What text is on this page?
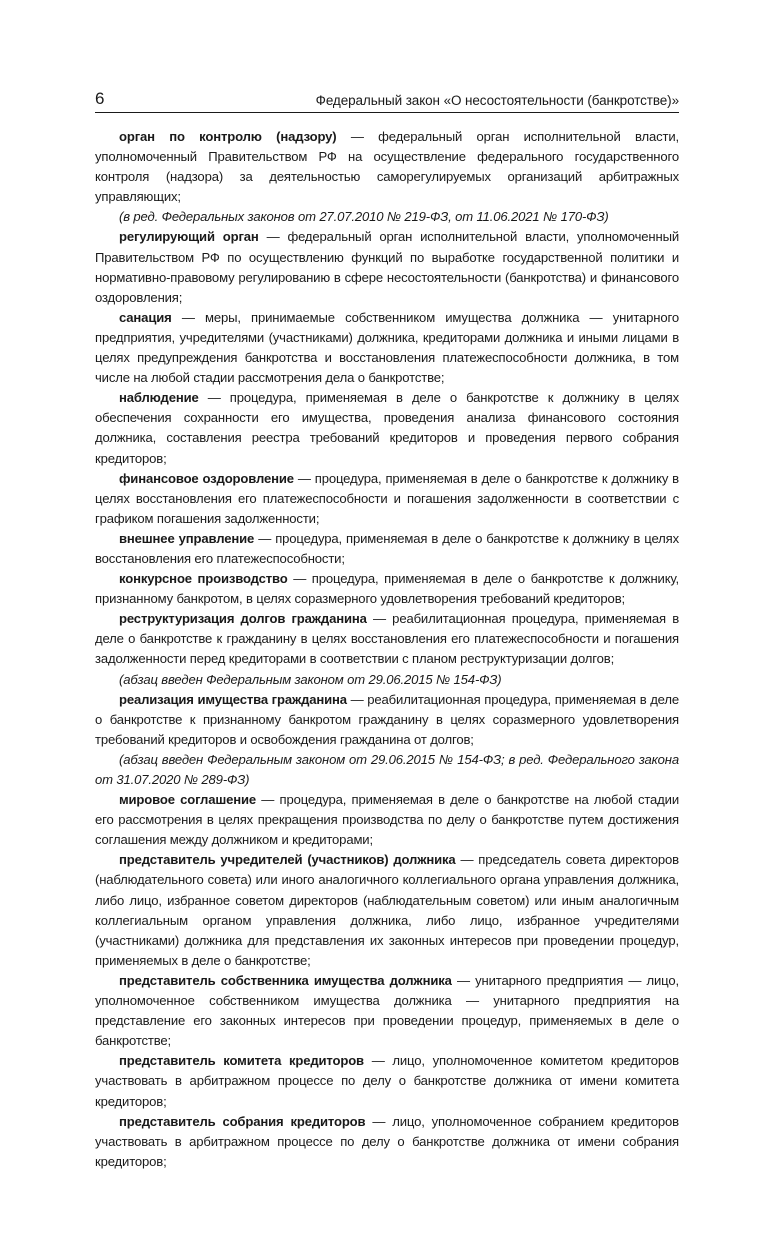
6	Федеральный закон «О несостоятельности (банкротстве)»

орган по контролю (надзору) — федеральный орган исполнительной власти, уполномоченный Правительством РФ на осуществление федерального государственного контроля (надзора) за деятельностью саморегулируемых организаций арбитражных управляющих;

(в ред. Федеральных законов от 27.07.2010 № 219-ФЗ, от 11.06.2021 № 170-ФЗ)

регулирующий орган — федеральный орган исполнительной власти, уполномоченный Правительством РФ по осуществлению функций по выработке государственной политики и нормативно-правовому регулированию в сфере несостоятельности (банкротства) и финансового оздоровления;

санация — меры, принимаемые собственником имущества должника — унитарного предприятия, учредителями (участниками) должника, кредиторами должника и иными лицами в целях предупреждения банкротства и восстановления платежеспособности должника, в том числе на любой стадии рассмотрения дела о банкротстве;

наблюдение — процедура, применяемая в деле о банкротстве к должнику в целях обеспечения сохранности его имущества, проведения анализа финансового состояния должника, составления реестра требований кредиторов и проведения первого собрания кредиторов;

финансовое оздоровление — процедура, применяемая в деле о банкротстве к должнику в целях восстановления его платежеспособности и погашения задолженности в соответствии с графиком погашения задолженности;

внешнее управление — процедура, применяемая в деле о банкротстве к должнику в целях восстановления его платежеспособности;

конкурсное производство — процедура, применяемая в деле о банкротстве к должнику, признанному банкротом, в целях соразмерного удовлетворения требований кредиторов;

реструктуризация долгов гражданина — реабилитационная процедура, применяемая в деле о банкротстве к гражданину в целях восстановления его платежеспособности и погашения задолженности перед кредиторами в соответствии с планом реструктуризации долгов;

(абзац введен Федеральным законом от 29.06.2015 № 154-ФЗ)

реализация имущества гражданина — реабилитационная процедура, применяемая в деле о банкротстве к признанному банкротом гражданину в целях соразмерного удовлетворения требований кредиторов и освобождения гражданина от долгов;

(абзац введен Федеральным законом от 29.06.2015 № 154-ФЗ; в ред. Федерального закона от 31.07.2020 № 289-ФЗ)

мировое соглашение — процедура, применяемая в деле о банкротстве на любой стадии его рассмотрения в целях прекращения производства по делу о банкротстве путем достижения соглашения между должником и кредиторами;

представитель учредителей (участников) должника — председатель совета директоров (наблюдательного совета) или иного аналогичного коллегиального органа управления должника, либо лицо, избранное советом директоров (наблюдательным советом) или иным аналогичным коллегиальным органом управления должника, либо лицо, избранное учредителями (участниками) должника для представления их законных интересов при проведении процедур, применяемых в деле о банкротстве;

представитель собственника имущества должника — унитарного предприятия — лицо, уполномоченное собственником имущества должника — унитарного предприятия на представление его законных интересов при проведении процедур, применяемых в деле о банкротстве;

представитель комитета кредиторов — лицо, уполномоченное комитетом кредиторов участвовать в арбитражном процессе по делу о банкротстве должника от имени комитета кредиторов;

представитель собрания кредиторов — лицо, уполномоченное собранием кредиторов участвовать в арбитражном процессе по делу о банкротстве должника от имени собрания кредиторов;
